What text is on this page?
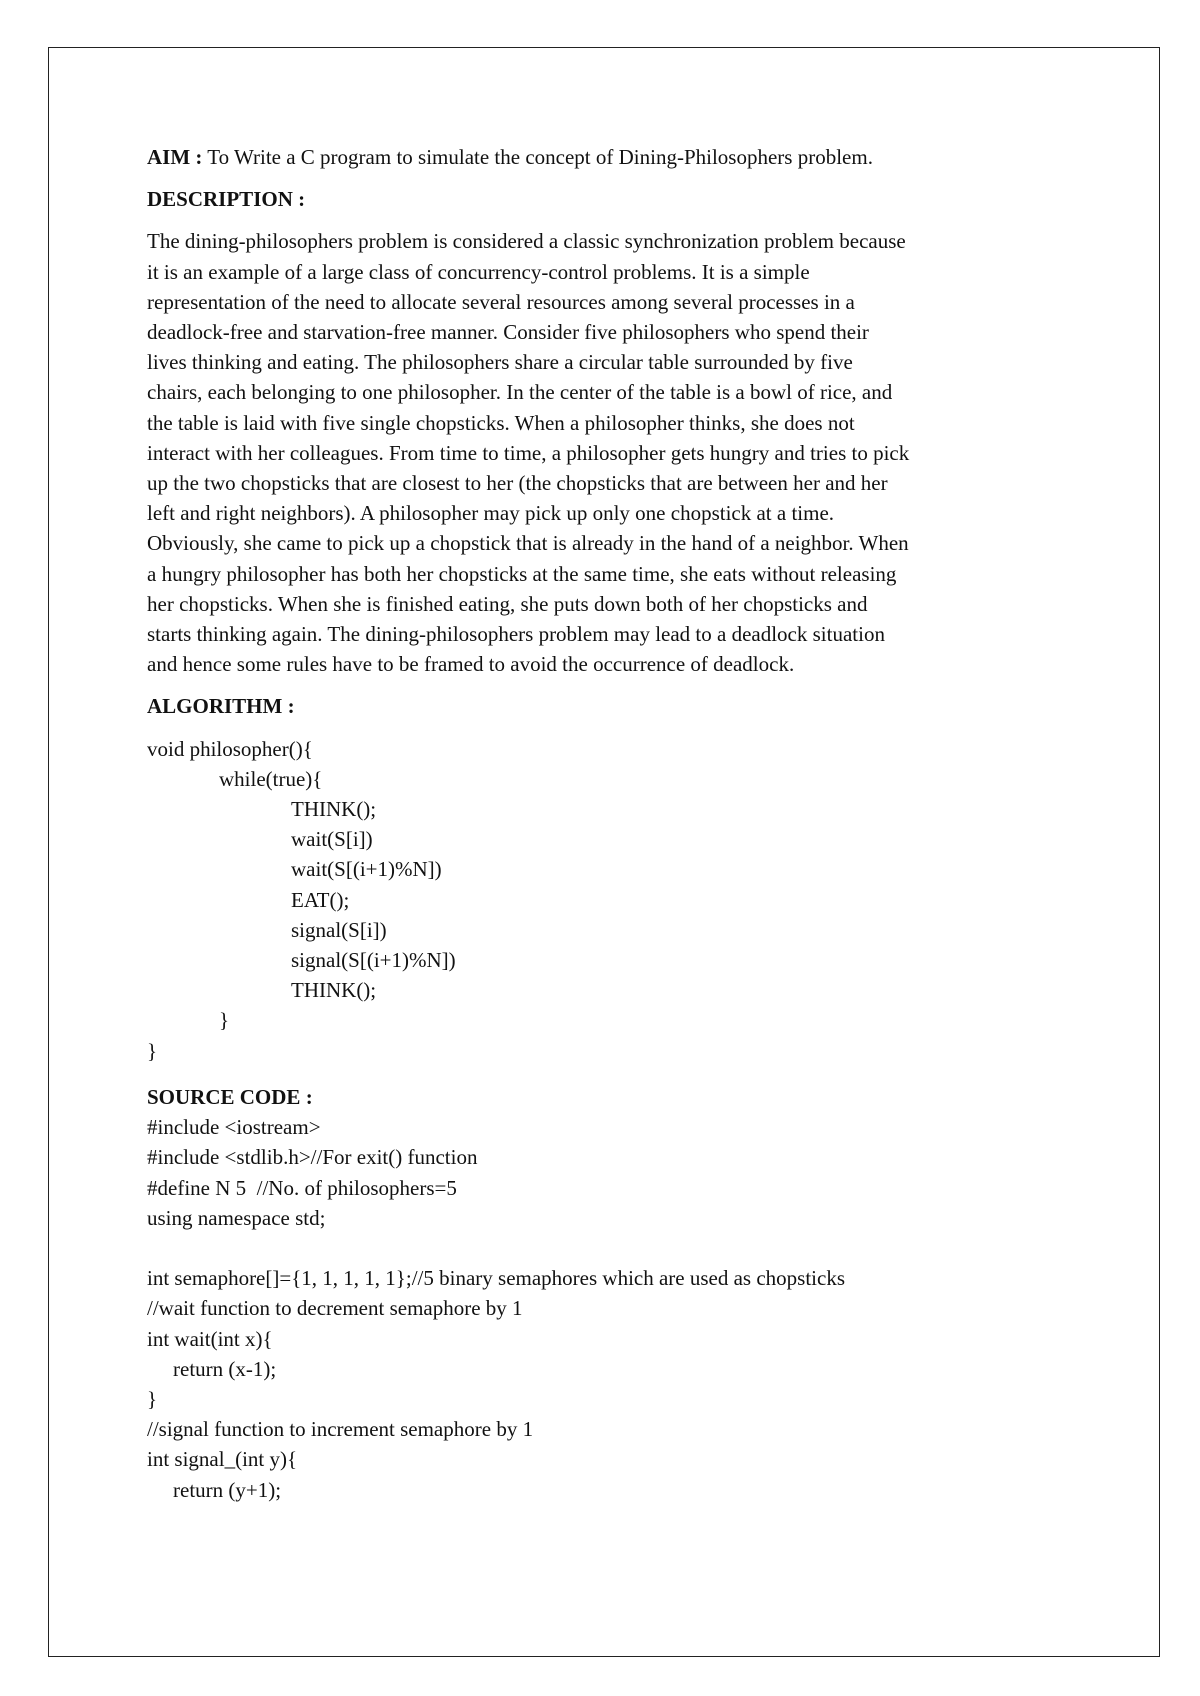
AIM : To Write a C program to simulate the concept of Dining-Philosophers problem.

DESCRIPTION :

The dining-philosophers problem is considered a classic synchronization problem because
it is an example of a large class of concurrency-control problems. It is a simple
representation of the need to allocate several resources among several processes in a
deadlock-free and starvation-free manner. Consider five philosophers who spend their
lives thinking and eating. The philosophers share a circular table surrounded by five
chairs, each belonging to one philosopher. In the center of the table is a bowl of rice, and
the table is laid with five single chopsticks. When a philosopher thinks, she does not
interact with her colleagues. From time to time, a philosopher gets hungry and tries to pick
up the two chopsticks that are closest to her (the chopsticks that are between her and her
left and right neighbors). A philosopher may pick up only one chopstick at a time.
Obviously, she came to pick up a chopstick that is already in the hand of a neighbor. When
a hungry philosopher has both her chopsticks at the same time, she eats without releasing
her chopsticks. When she is finished eating, she puts down both of her chopsticks and
starts thinking again. The dining-philosophers problem may lead to a deadlock situation
and hence some rules have to be framed to avoid the occurrence of deadlock.

ALGORITHM :

void philosopher(){
while(true){
THINK();
wait(S[i])
wait(S[(i+1)%N])
EAT();
signal(S[i])
signal(S[(i+1)%N])
THINK();
}
}

SOURCE CODE :

#include <iostream>
#include <stdlib.h>//For exit() function
#define N 5  //No. of philosophers=5
using namespace std;
int semaphore[]={1, 1, 1, 1, 1};//5 binary semaphores which are used as chopsticks
//wait function to decrement semaphore by 1
int wait(int x){
return (x-1);
}
//signal function to increment semaphore by 1
int signal_(int y){
return (y+1);
